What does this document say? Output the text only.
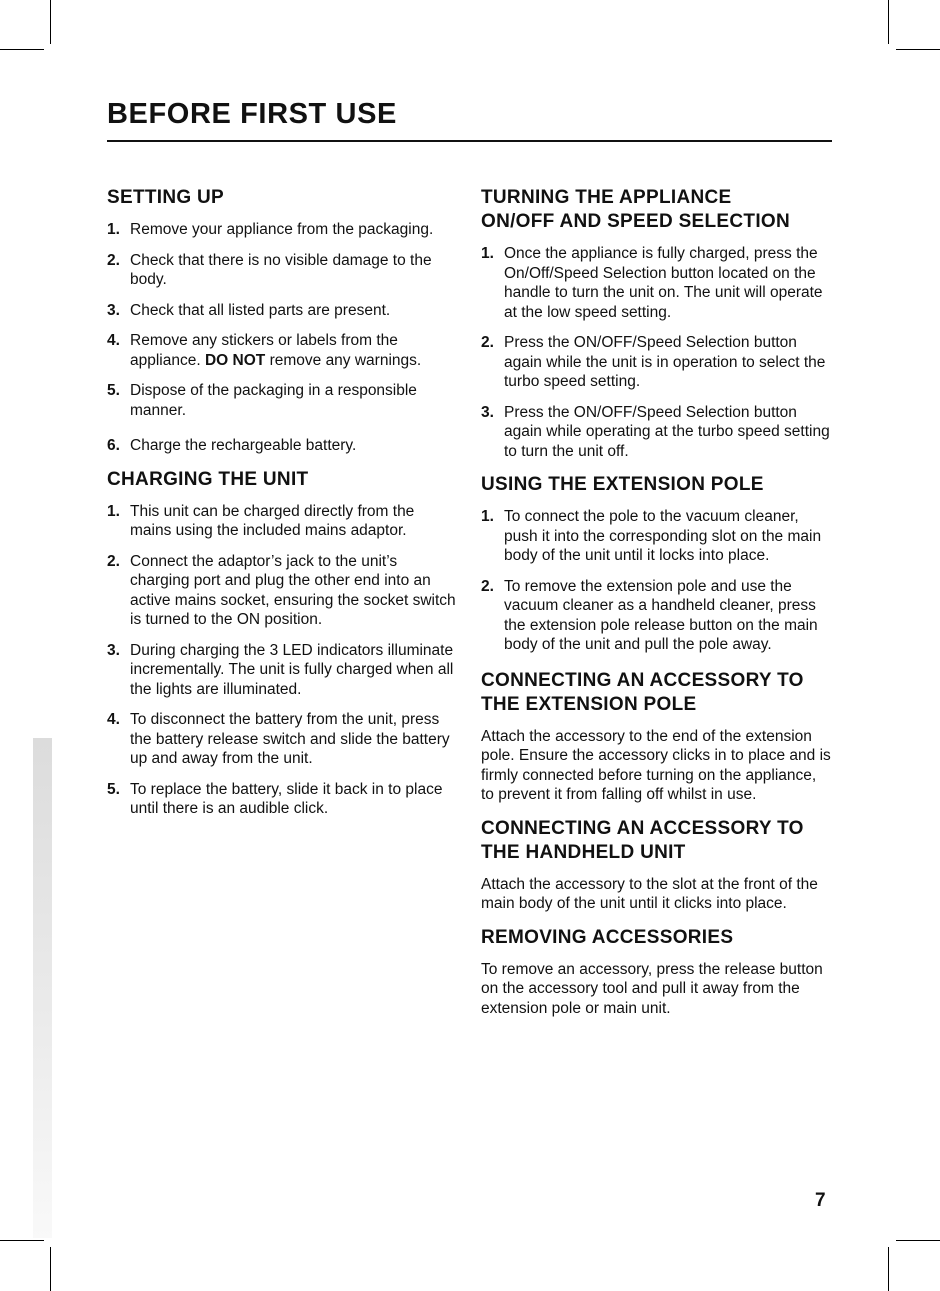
BEFORE FIRST USE
SETTING UP
1. Remove your appliance from the packaging.
2. Check that there is no visible damage to the body.
3. Check that all listed parts are present.
4. Remove any stickers or labels from the appliance. DO NOT remove any warnings.
5. Dispose of the packaging in a responsible manner.
6. Charge the rechargeable battery.
CHARGING THE UNIT
1. This unit can be charged directly from the mains using the included mains adaptor.
2. Connect the adaptor’s jack to the unit’s charging port and plug the other end into an active mains socket, ensuring the socket switch is turned to the ON position.
3. During charging the 3 LED indicators illuminate incrementally. The unit is fully charged when all the lights are illuminated.
4. To disconnect the battery from the unit, press the battery release switch and slide the battery up and away from the unit.
5. To replace the battery, slide it back in to place until there is an audible click.
TURNING THE APPLIANCE
ON/OFF AND SPEED SELECTION
1. Once the appliance is fully charged, press the On/Off/Speed Selection button located on the handle to turn the unit on. The unit will operate at the low speed setting.
2. Press the ON/OFF/Speed Selection button again while the unit is in operation to select the turbo speed setting.
3. Press the ON/OFF/Speed Selection button again while operating at the turbo speed setting to turn the unit off.
USING THE EXTENSION POLE
1. To connect the pole to the vacuum cleaner, push it into the corresponding slot on the main body of the unit until it locks into place.
2. To remove the extension pole and use the vacuum cleaner as a handheld cleaner, press the extension pole release button on the main body of the unit and pull the pole away.
CONNECTING AN ACCESSORY TO
THE EXTENSION POLE

Attach the accessory to the end of the extension pole. Ensure the accessory clicks in to place and is firmly connected before turning on the appliance, to prevent it from falling off whilst in use.

CONNECTING AN ACCESSORY TO
THE HANDHELD UNIT

Attach the accessory to the slot at the front of the main body of the unit until it clicks into place.

REMOVING ACCESSORIES

To remove an accessory, press the release button on the accessory tool and pull it away from the extension pole or main unit.

7
